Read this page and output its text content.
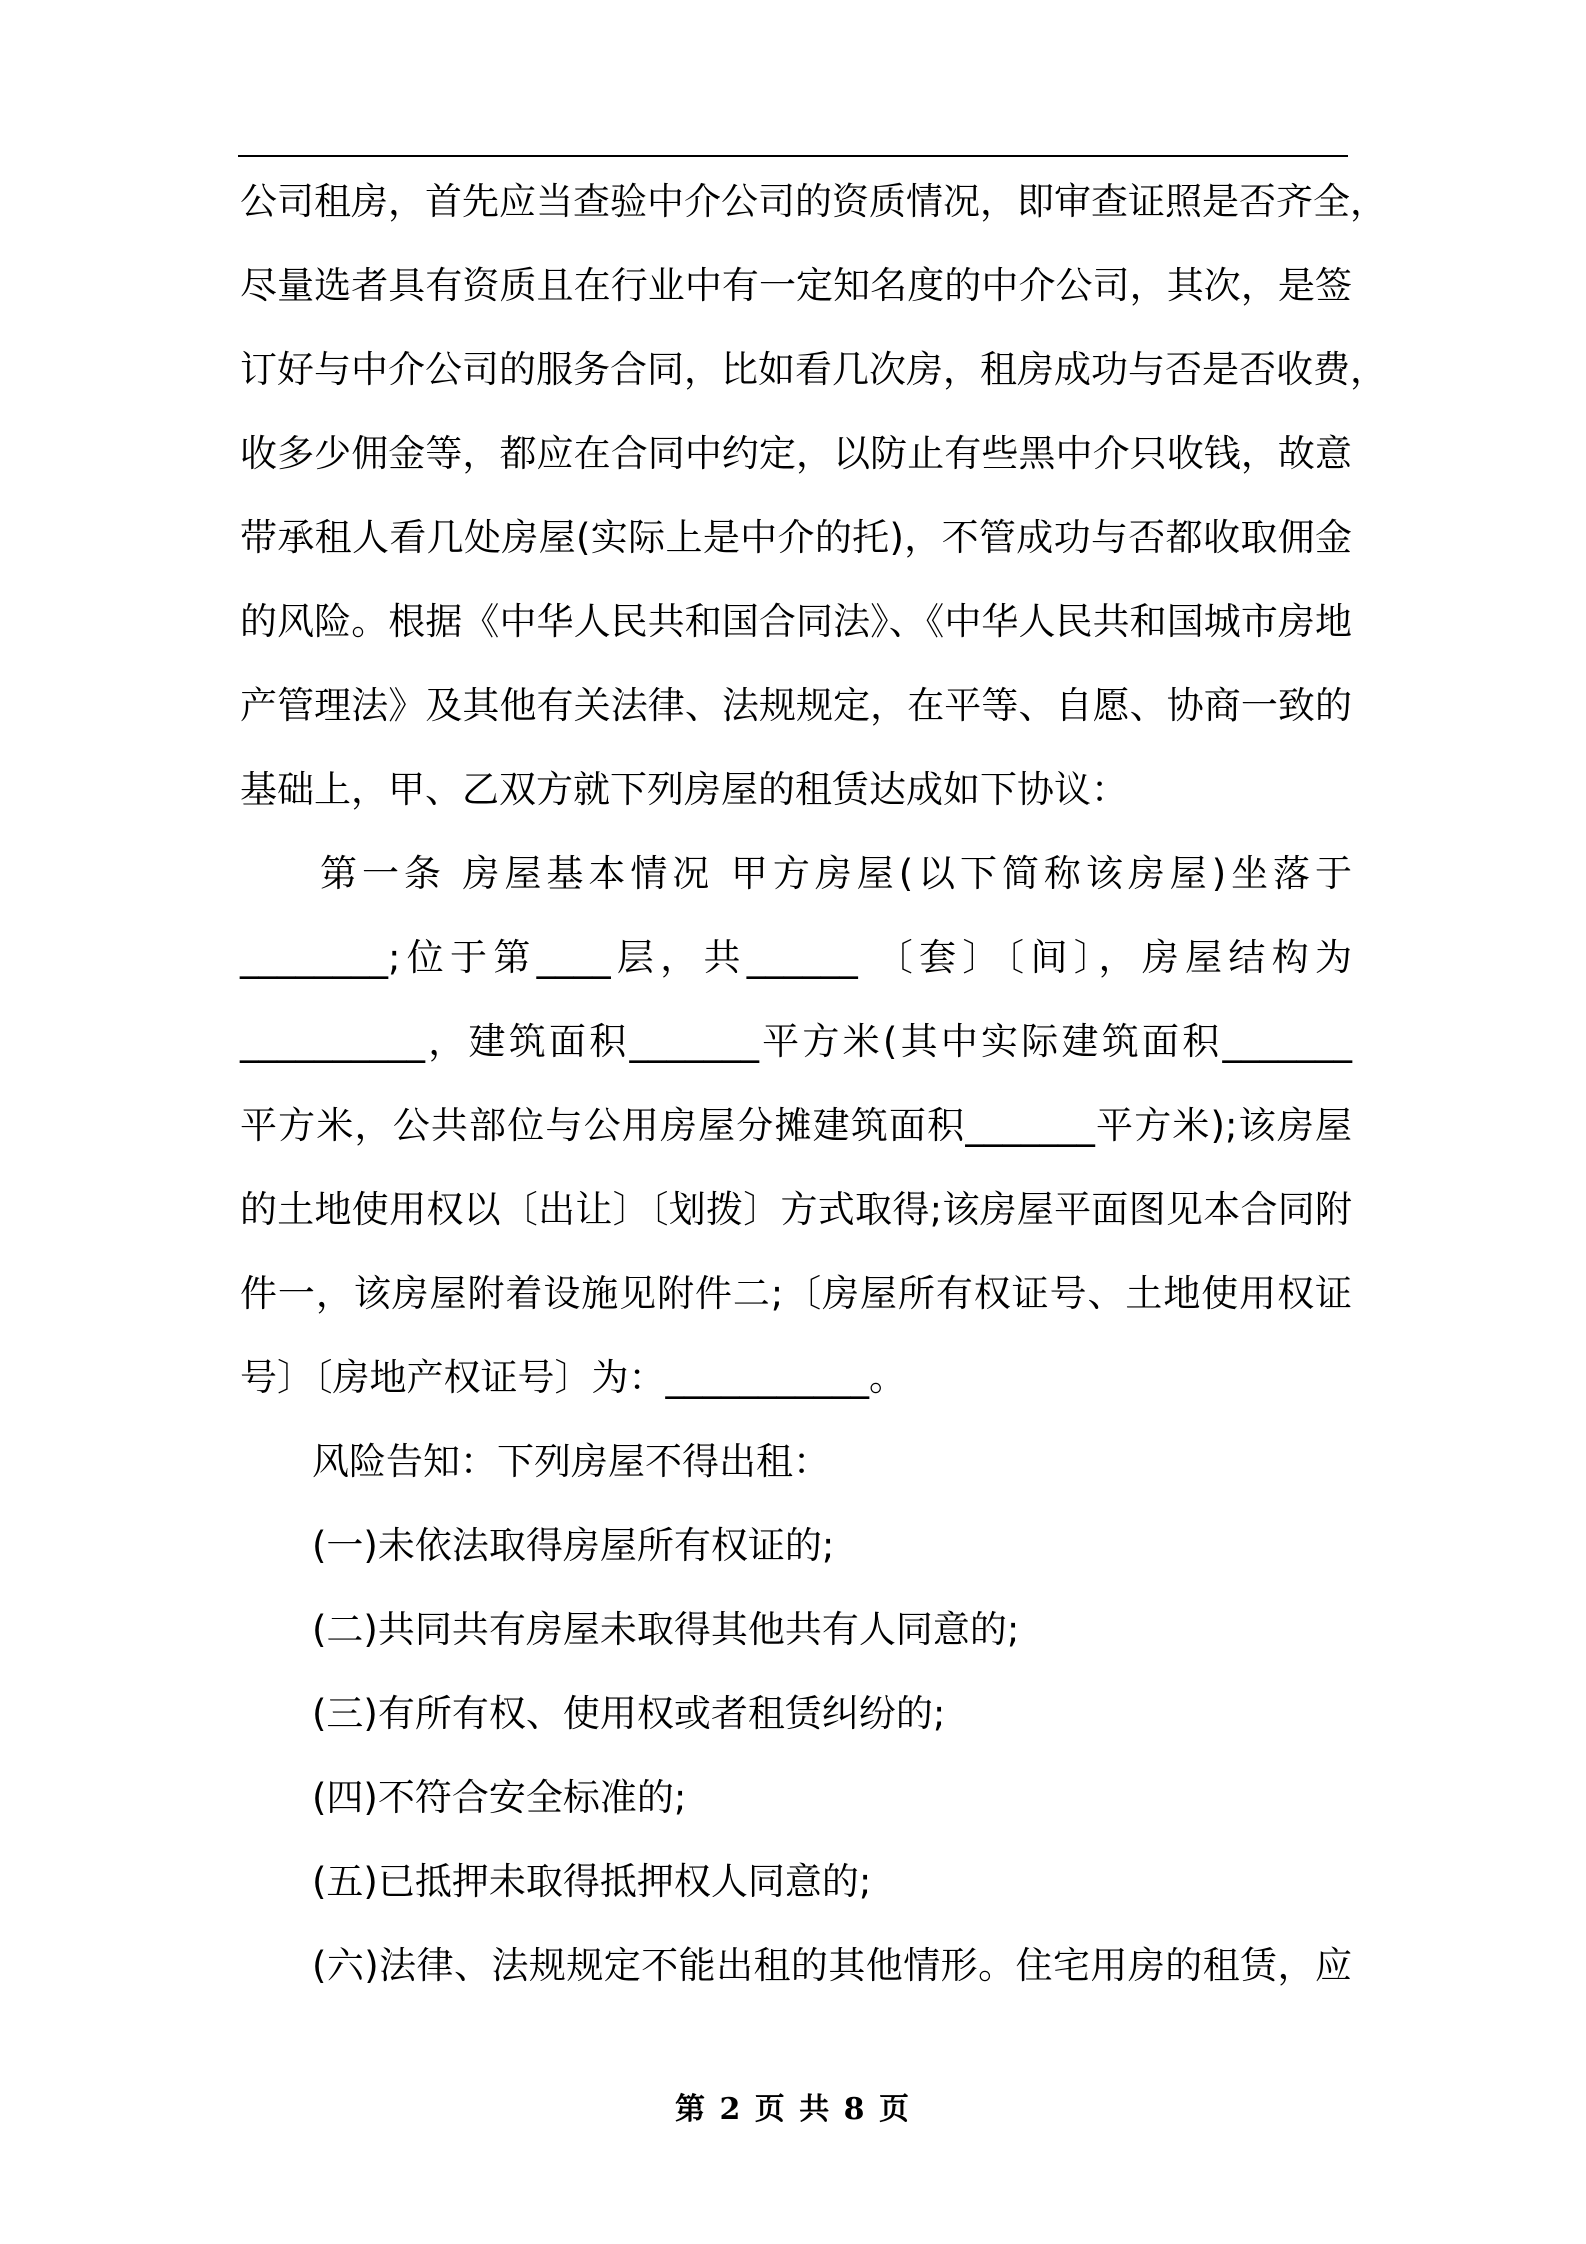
公司租房，首先应当查验中介公司的资质情况，即审查证照是否齐全，
尽量选者具有资质且在行业中有一定知名度的中介公司，其次，是签
订好与中介公司的服务合同，比如看几次房，租房成功与否是否收费，
收多少佣金等，都应在合同中约定，以防止有些黑中介只收钱，故意
带承租人看几处房屋(实际上是中介的托)，不管成功与否都收取佣金
的风险。根据《中华人民共和国合同法》、《中华人民共和国城市房地
产管理法》及其他有关法律、法规规定，在平等、自愿、协商一致的
基础上，甲、乙双方就下列房屋的租赁达成如下协议：
第一条 房屋基本情况 甲方房屋(以下简称该房屋)坐落于
________;位于第____层，共______ 〔套〕〔间〕，房屋结构为
__________，建筑面积_______平方米(其中实际建筑面积_______
平方米，公共部位与公用房屋分摊建筑面积_______平方米);该房屋
的土地使用权以〔出让〕〔划拨〕方式取得;该房屋平面图见本合同附
件一，该房屋附着设施见附件二;〔房屋所有权证号、土地使用权证
号〕〔房地产权证号〕为：___________。
风险告知：下列房屋不得出租：
(一)未依法取得房屋所有权证的;
(二)共同共有房屋未取得其他共有人同意的;
(三)有所有权、使用权或者租赁纠纷的;
(四)不符合安全标准的;
(五)已抵押未取得抵押权人同意的;
(六)法律、法规规定不能出租的其他情形。住宅用房的租赁，应
第 2 页 共 8 页
